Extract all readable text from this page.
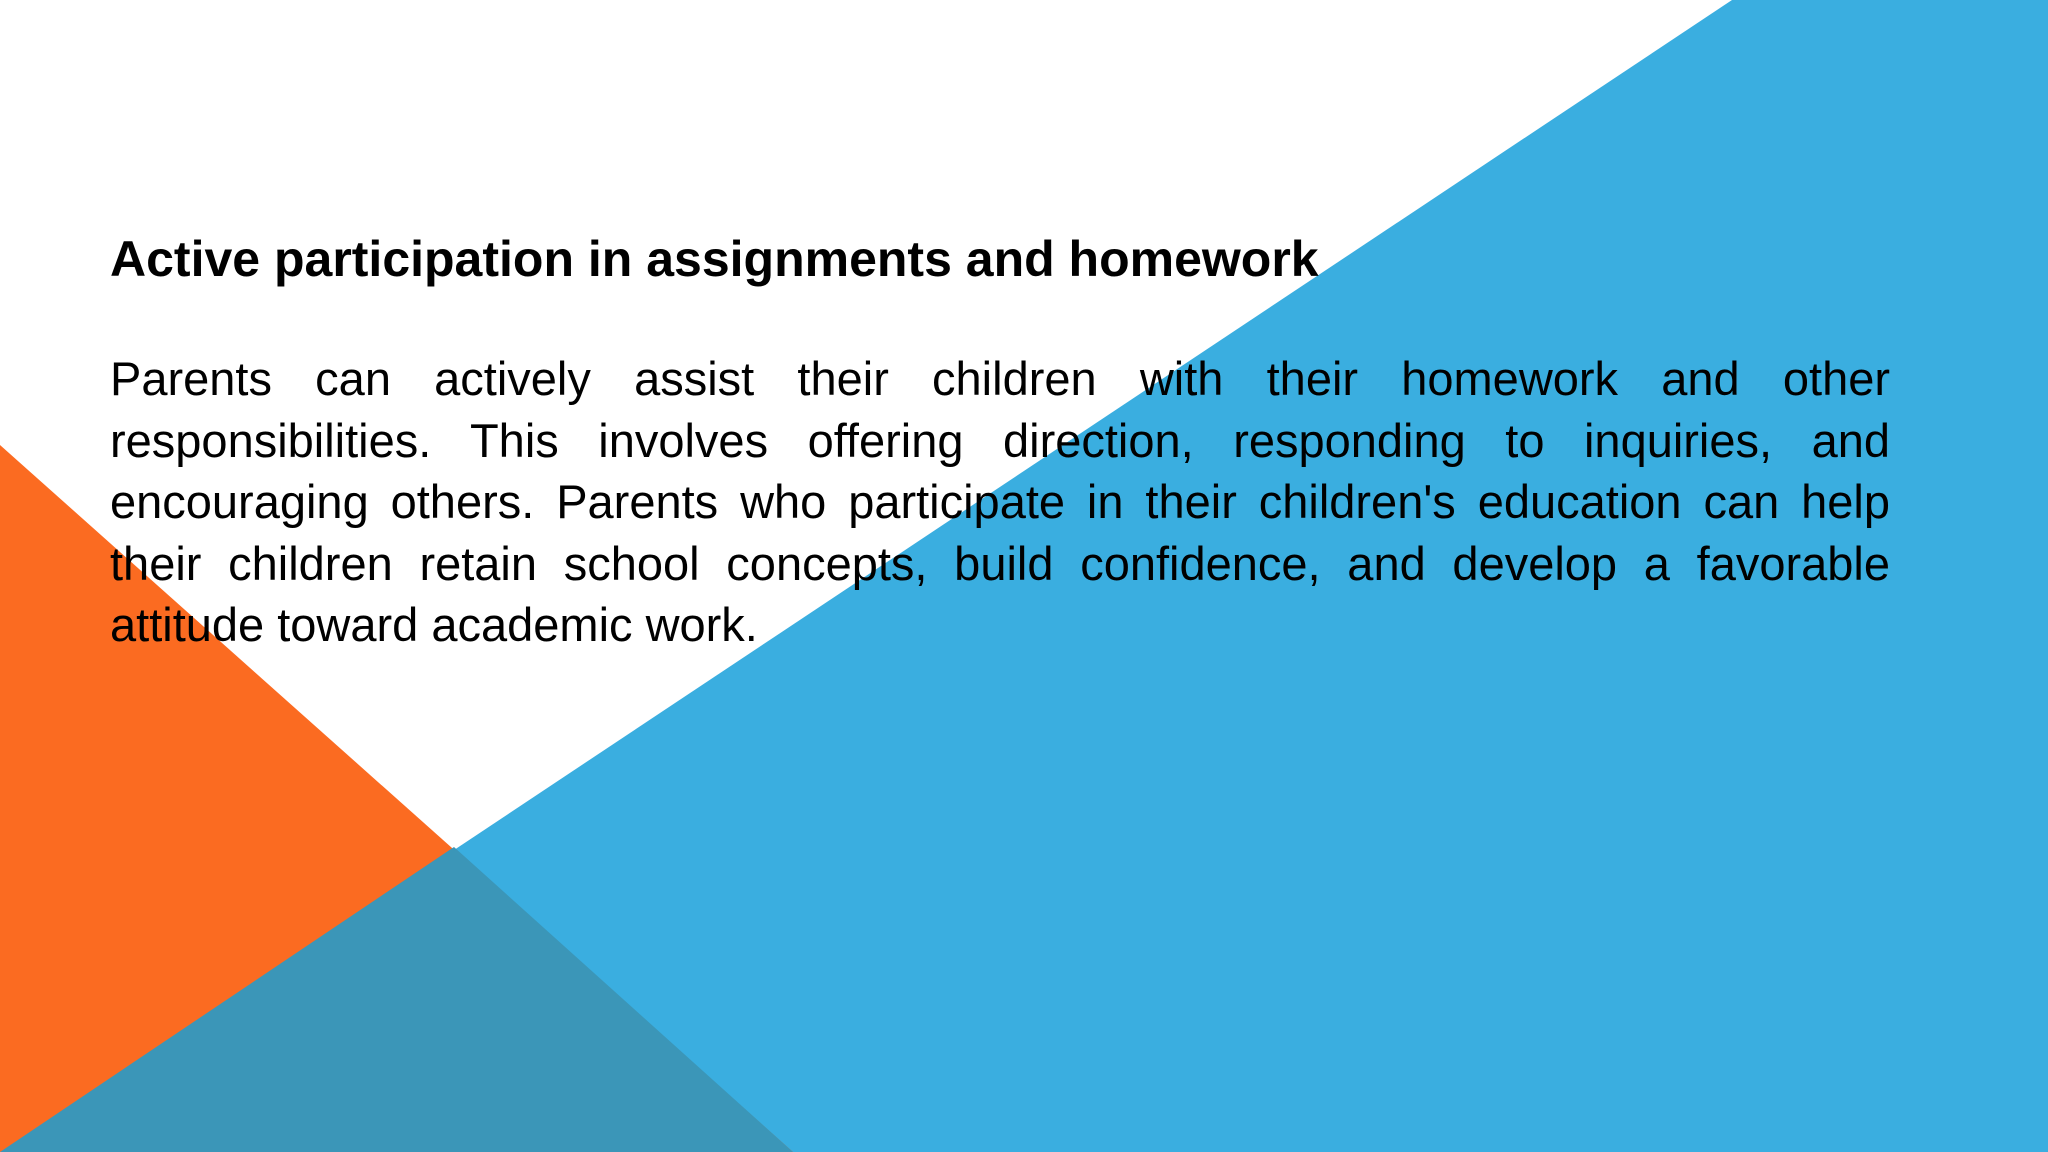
Active participation in assignments and homework

Parents can actively assist their children with their homework and other responsibilities. This involves offering direction, responding to inquiries, and encouraging others. Parents who participate in their children's education can help their children retain school concepts, build confidence, and develop a favorable attitude toward academic work.
